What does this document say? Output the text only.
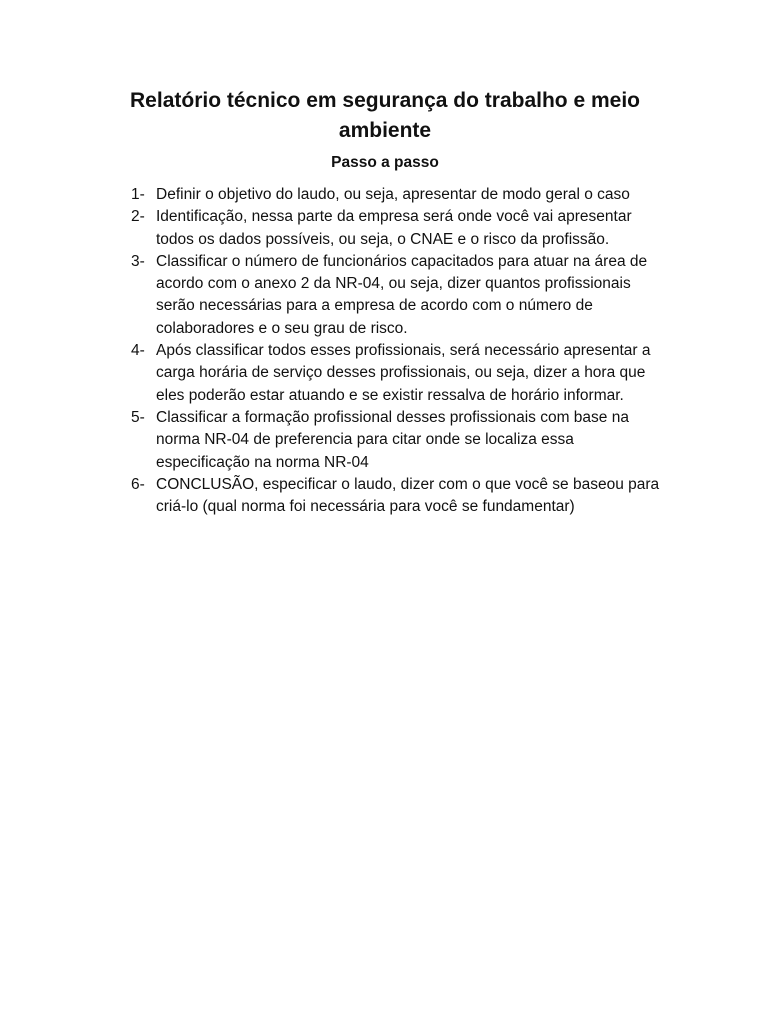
Relatório técnico em segurança do trabalho e meio ambiente
Passo a passo
1- Definir o objetivo do laudo, ou seja, apresentar de modo geral o caso
2- Identificação, nessa parte da empresa será onde você vai apresentar todos os dados possíveis, ou seja, o CNAE e o risco da profissão.
3- Classificar o número de funcionários capacitados para atuar na área de acordo com o anexo 2 da NR-04, ou seja, dizer quantos profissionais serão necessárias para a empresa de acordo com o número de colaboradores e o seu grau de risco.
4- Após classificar todos esses profissionais, será necessário apresentar a carga horária de serviço desses profissionais, ou seja, dizer a hora que eles poderão estar atuando e se existir ressalva de horário informar.
5- Classificar a formação profissional desses profissionais com base na norma NR-04 de preferencia para citar onde se localiza essa especificação na norma NR-04
6- CONCLUSÃO, especificar o laudo, dizer com o que você se baseou para criá-lo (qual norma foi necessária para você se fundamentar)
